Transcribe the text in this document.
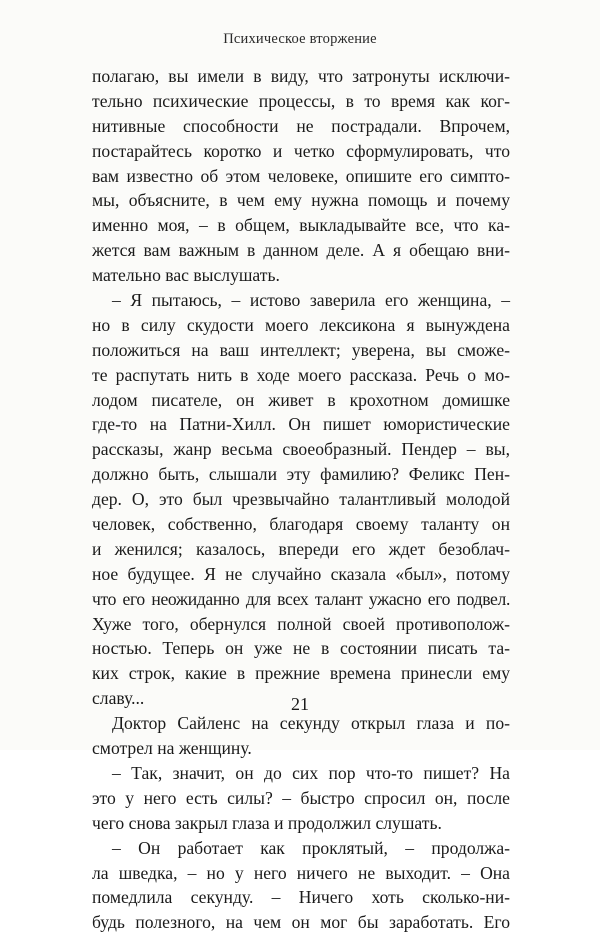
Психическое вторжение
полагаю, вы имели в виду, что затронуты исключи-
тельно психические процессы, в то время как ког-
нитивные способности не пострадали. Впрочем,
постарайтесь коротко и четко сформулировать, что
вам известно об этом человеке, опишите его симпто-
мы, объясните, в чем ему нужна помощь и почему
именно моя, – в общем, выкладывайте все, что ка-
жется вам важным в данном деле. А я обещаю вни-
мательно вас выслушать.
– Я пытаюсь, – истово заверила его женщина, –
но в силу скудости моего лексикона я вынуждена
положиться на ваш интеллект; уверена, вы сможе-
те распутать нить в ходе моего рассказа. Речь о мо-
лодом писателе, он живет в крохотном домишке
где-то на Патни-Хилл. Он пишет юмористические
рассказы, жанр весьма своеобразный. Пендер – вы,
должно быть, слышали эту фамилию? Феликс Пен-
дер. О, это был чрезвычайно талантливый молодой
человек, собственно, благодаря своему таланту он
и женился; казалось, впереди его ждет безоблач-
ное будущее. Я не случайно сказала «был», потому
что его неожиданно для всех талант ужасно его подвел.
Хуже того, обернулся полной своей противополож-
ностью. Теперь он уже не в состоянии писать та-
ких строк, какие в прежние времена принесли ему
славу...
Доктор Сайленс на секунду открыл глаза и по-
смотрел на женщину.
– Так, значит, он до сих пор что-то пишет? На
это у него есть силы? – быстро спросил он, после
чего снова закрыл глаза и продолжил слушать.
– Он работает как проклятый, – продолжа-
ла шведка, – но у него ничего не выходит. – Она
помедлила секунду. – Ничего хоть сколько-ни-
будь полезного, на чем он мог бы заработать. Его
21
